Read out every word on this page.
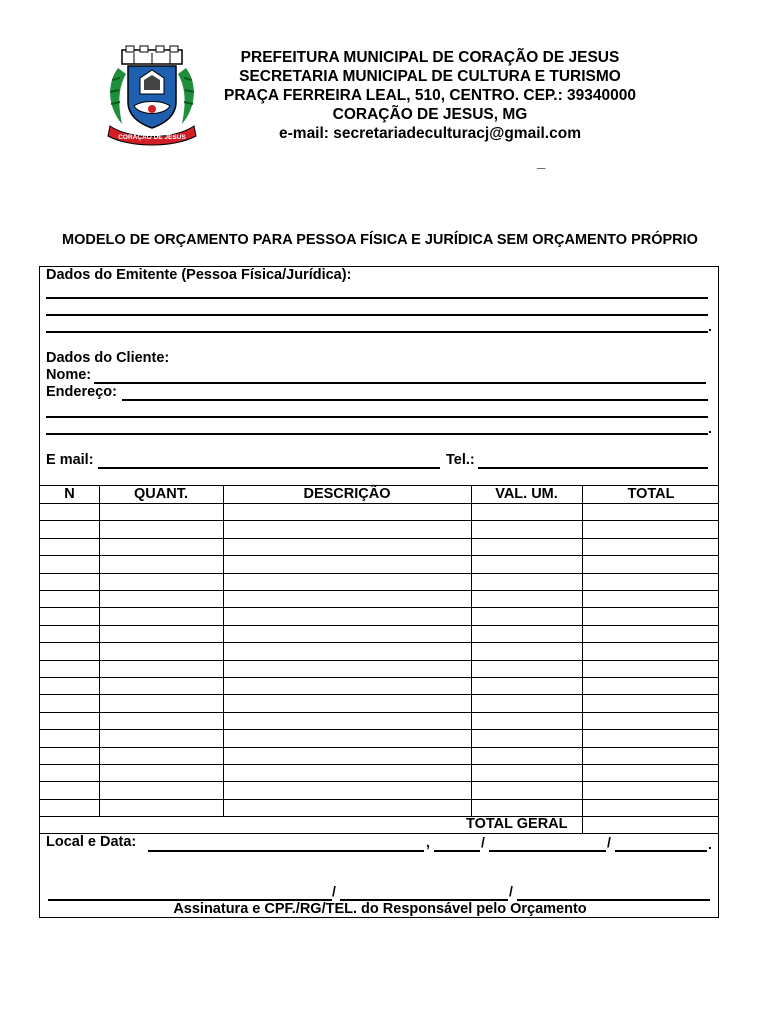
CORAÇÃO DE JESUS
PREFEITURA MUNICIPAL DE CORAÇÃO DE JESUS
SECRETARIA MUNICIPAL DE CULTURA E TURISMO
PRAÇA FERREIRA LEAL, 510, CENTRO. CEP.: 39340000
CORAÇÃO DE JESUS, MG
e-mail: secretariadeculturacj@gmail.com
_
MODELO DE ORÇAMENTO PARA PESSOA FÍSICA E JURÍDICA SEM ORÇAMENTO PRÓPRIO
Dados do Emitente (Pessoa Física/Jurídica):
.
Dados do Cliente:
Nome:
Endereço:
.
E mail:	Tel.:
N	QUANT.	DESCRIÇÃO	VAL. UM.	TOTAL
TOTAL GERAL
Local e Data:	,	/	/	.
/	/
Assinatura e CPF./RG/TEL. do Responsável pelo Orçamento
